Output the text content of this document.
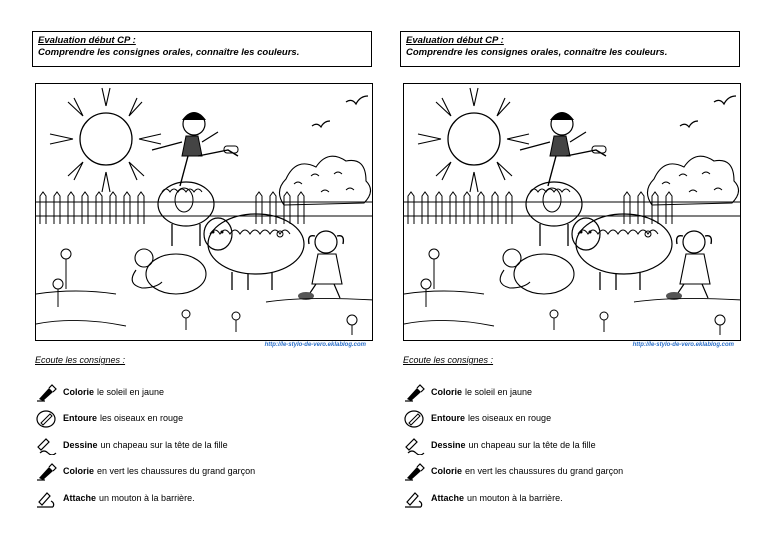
Evaluation début CP :
Comprendre les consignes orales, connaître les couleurs.
http://le-stylo-de-vero.eklablog.com
Ecoute les consignes :
Colorie le soleil en jaune
Entoure les oiseaux en rouge
Dessine un chapeau sur la tête de la fille
Colorie en vert les chaussures du grand garçon
Attache un mouton à la barrière.
Evaluation début CP :
Comprendre les consignes orales, connaître les couleurs.
http://le-stylo-de-vero.eklablog.com
Ecoute les consignes :
Colorie le soleil en jaune
Entoure les oiseaux en rouge
Dessine un chapeau sur la tête de la fille
Colorie en vert les chaussures du grand garçon
Attache un mouton à la barrière.
